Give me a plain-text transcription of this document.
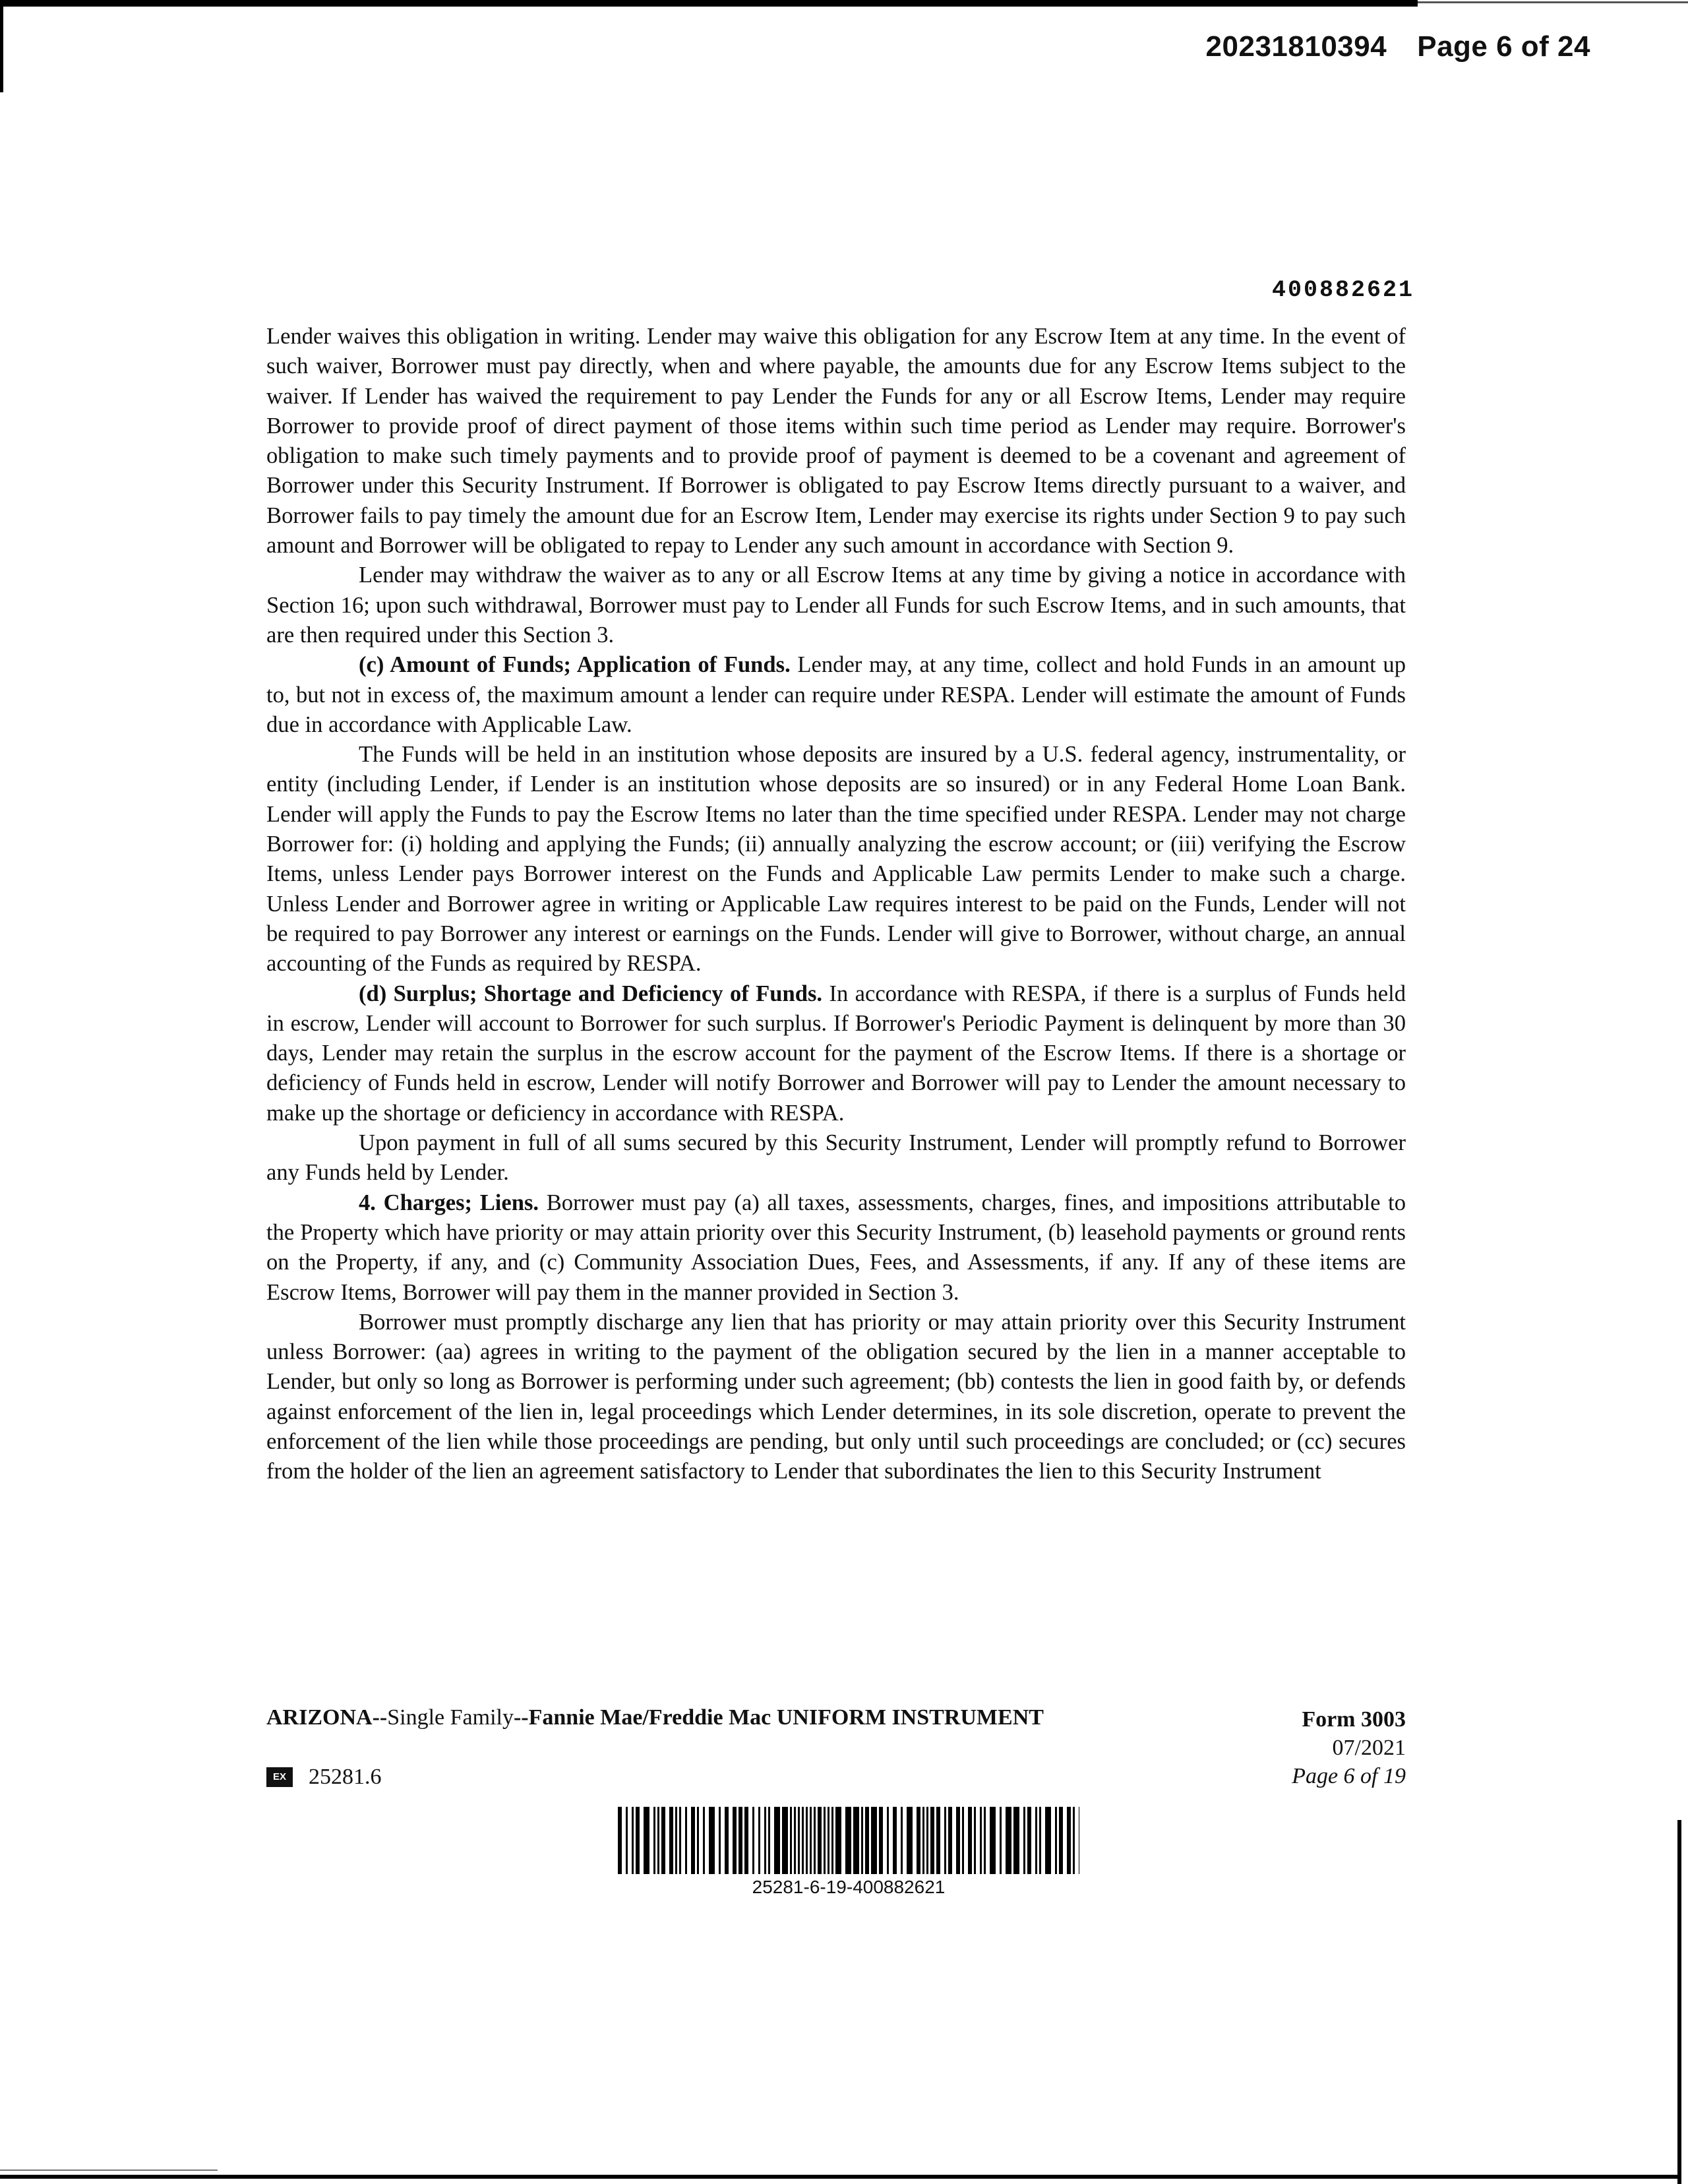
20231810394 Page 6 of 24
400882621

Lender waives this obligation in writing. Lender may waive this obligation for any Escrow Item at any time. In the event of such waiver, Borrower must pay directly, when and where payable, the amounts due for any Escrow Items subject to the waiver. If Lender has waived the requirement to pay Lender the Funds for any or all Escrow Items, Lender may require Borrower to provide proof of direct payment of those items within such time period as Lender may require. Borrower's obligation to make such timely payments and to provide proof of payment is deemed to be a covenant and agreement of Borrower under this Security Instrument. If Borrower is obligated to pay Escrow Items directly pursuant to a waiver, and Borrower fails to pay timely the amount due for an Escrow Item, Lender may exercise its rights under Section 9 to pay such amount and Borrower will be obligated to repay to Lender any such amount in accordance with Section 9.

Lender may withdraw the waiver as to any or all Escrow Items at any time by giving a notice in accordance with Section 16; upon such withdrawal, Borrower must pay to Lender all Funds for such Escrow Items, and in such amounts, that are then required under this Section 3.

(c) Amount of Funds; Application of Funds. Lender may, at any time, collect and hold Funds in an amount up to, but not in excess of, the maximum amount a lender can require under RESPA. Lender will estimate the amount of Funds due in accordance with Applicable Law.

The Funds will be held in an institution whose deposits are insured by a U.S. federal agency, instrumentality, or entity (including Lender, if Lender is an institution whose deposits are so insured) or in any Federal Home Loan Bank. Lender will apply the Funds to pay the Escrow Items no later than the time specified under RESPA. Lender may not charge Borrower for: (i) holding and applying the Funds; (ii) annually analyzing the escrow account; or (iii) verifying the Escrow Items, unless Lender pays Borrower interest on the Funds and Applicable Law permits Lender to make such a charge. Unless Lender and Borrower agree in writing or Applicable Law requires interest to be paid on the Funds, Lender will not be required to pay Borrower any interest or earnings on the Funds. Lender will give to Borrower, without charge, an annual accounting of the Funds as required by RESPA.

(d) Surplus; Shortage and Deficiency of Funds. In accordance with RESPA, if there is a surplus of Funds held in escrow, Lender will account to Borrower for such surplus. If Borrower's Periodic Payment is delinquent by more than 30 days, Lender may retain the surplus in the escrow account for the payment of the Escrow Items. If there is a shortage or deficiency of Funds held in escrow, Lender will notify Borrower and Borrower will pay to Lender the amount necessary to make up the shortage or deficiency in accordance with RESPA.

Upon payment in full of all sums secured by this Security Instrument, Lender will promptly refund to Borrower any Funds held by Lender.

4. Charges; Liens. Borrower must pay (a) all taxes, assessments, charges, fines, and impositions attributable to the Property which have priority or may attain priority over this Security Instrument, (b) leasehold payments or ground rents on the Property, if any, and (c) Community Association Dues, Fees, and Assessments, if any. If any of these items are Escrow Items, Borrower will pay them in the manner provided in Section 3.

Borrower must promptly discharge any lien that has priority or may attain priority over this Security Instrument unless Borrower: (aa) agrees in writing to the payment of the obligation secured by the lien in a manner acceptable to Lender, but only so long as Borrower is performing under such agreement; (bb) contests the lien in good faith by, or defends against enforcement of the lien in, legal proceedings which Lender determines, in its sole discretion, operate to prevent the enforcement of the lien while those proceedings are pending, but only until such proceedings are concluded; or (cc) secures from the holder of the lien an agreement satisfactory to Lender that subordinates the lien to this Security Instrument

ARIZONA--Single Family--Fannie Mae/Freddie Mac UNIFORM INSTRUMENT	Form 3003
07/2021
Page 6 of 19
EX 25281.6
25281-6-19-400882621
